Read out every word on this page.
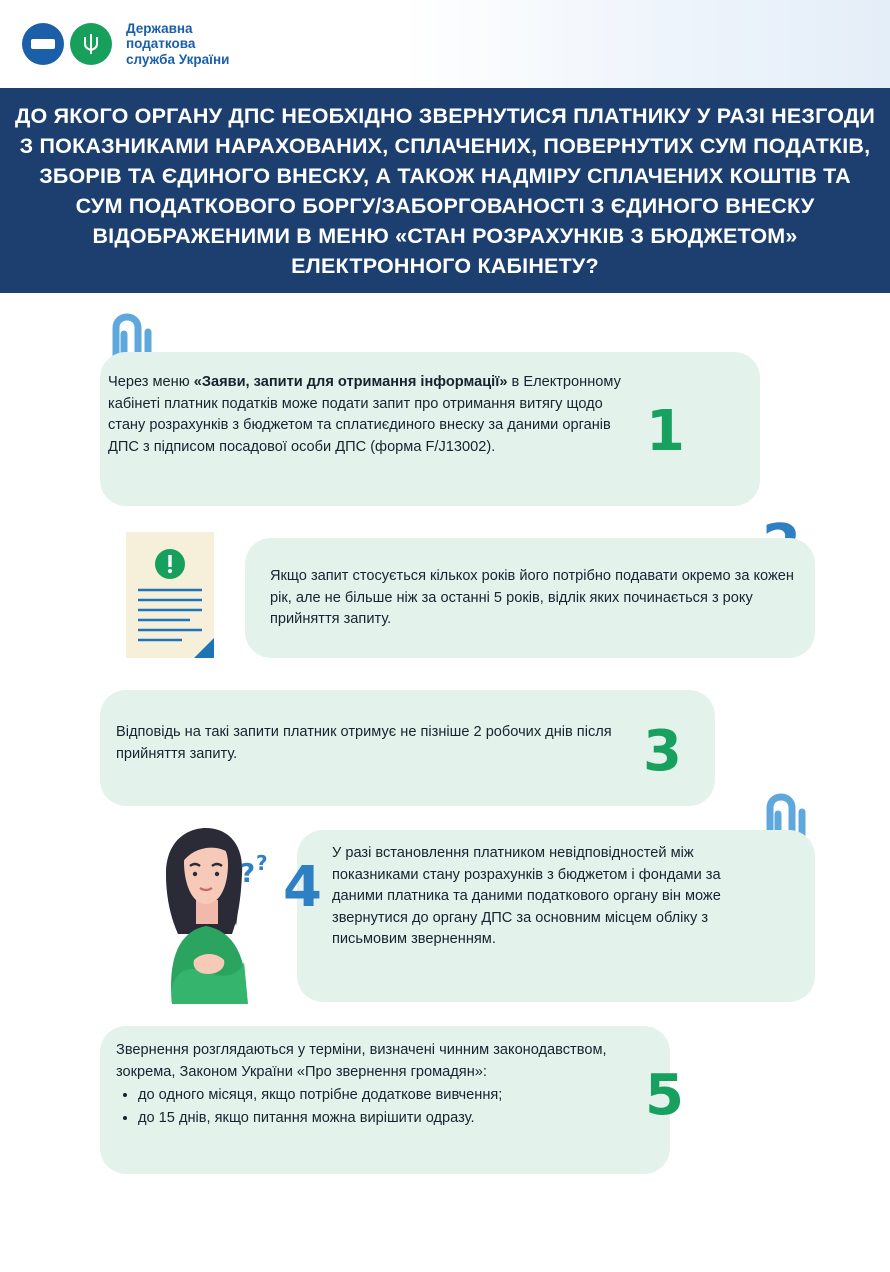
Державна
податкова
служба України
ДО ЯКОГО ОРГАНУ ДПС НЕОБХІДНО ЗВЕРНУТИСЯ ПЛАТНИКУ У РАЗІ НЕЗГОДИ З ПОКАЗНИКАМИ НАРАХОВАНИХ, СПЛАЧЕНИХ, ПОВЕРНУТИХ СУМ ПОДАТКІВ, ЗБОРІВ ТА ЄДИНОГО ВНЕСКУ, А ТАКОЖ НАДМІРУ СПЛАЧЕНИХ КОШТІВ ТА СУМ ПОДАТКОВОГО БОРГУ/ЗАБОРГОВАНОСТІ З ЄДИНОГО ВНЕСКУ ВІДОБРАЖЕНИМИ В МЕНЮ «СТАН РОЗРАХУНКІВ З БЮДЖЕТОМ» ЕЛЕКТРОННОГО КАБІНЕТУ?
Через меню «Заяви, запити для отримання інформації» в Електронному кабінеті платник податків може подати запит про отримання витягу щодо стану розрахунків з бюджетом та сплатиєдиного внеску за даними органів ДПС з підписом посадової особи ДПС (форма F/J13002).	1
Якщо запит стосується кількох років його потрібно подавати окремо за кожен рік, але не більше ніж за останні 5 років, відлік яких починається з року прийняття запиту.
Відповідь на такі запити платник отримує не пізніше 2 робочих днів після прийняття запиту.	3
? ?	У разі встановлення платником невідповідностей між показниками стану розрахунків з бюджетом і фондами за даними платника та даними податкового органу він може звернутися до органу ДПС за основним місцем обліку з письмовим зверненням.
4
Звернення розглядаються у терміни, визначені чинним законодавством, зокрема, Законом України «Про звернення громадян»:
• до одного місяця, якщо потрібне додаткове вивчення;
• до 15 днів, якщо питання можна вирішити одразу.	5
